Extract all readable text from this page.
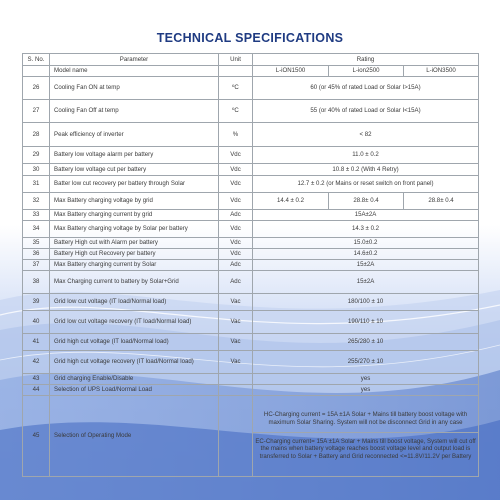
TECHNICAL SPECIFICATIONS
S. No.	Parameter	Unit	Rating		
	Model name		L-iON1500	L-ion2500	L-iON3500
26	Cooling Fan ON at temp	ºC	60 (or 45% of rated Load or Solar I>15A)		
27	Cooling Fan Off at temp	ºC	55 (or 40% of rated Load or Solar I<15A)		
28	Peak efficiency of inverter	%	< 82		
29	Battery low voltage alarm per battery	Vdc	11.0 ± 0.2		
30	Battery low voltage cut per battery	Vdc	10.8 ± 0.2 (With 4 Retry)		
31	Batter low cut recovery per battery through Solar	Vdc	12.7 ± 0.2 (or Mains or reset switch on front panel)		
32	Max Battery charging voltage by grid	Vdc	14.4 ± 0.2	28.8± 0.4	28.8± 0.4
33	Max Battery charging current by grid	Adc	15A±2A		
34	Max Battery charging voltage by Solar per battery	Vdc	14.3 ± 0.2		
35	Battery High cut with Alarm per battery	Vdc	15.0±0.2		
36	Battery High cut Recovery per battery	Vdc	14.6±0.2		
37	Max Battery charging current by Solar	Adc	15±2A		
38	Max Charging current to battery by Solar+Grid	Adc	15±2A		
39	Grid low cut voltage (IT load/Normal load)	Vac	180/100 ± 10		
40	Grid low cut voltage recovery (IT load/Normal load)	Vac	190/110 ± 10		
41	Grid high cut voltage (IT load/Normal load)	Vac	265/280 ± 10		
42	Grid high cut voltage recovery (IT load/Normal load)	Vac	255/270 ± 10		
43	Grid charging Enable/Disable		yes		
44	Selection of UPS Load/Normal Load		yes		
45	Selection of Operating Mode		HC-Charging current = 15A ±1A Solar + Mains till battery boost voltage with maximum Solar Sharing. System will not be disconnect Grid in any case
EC-Charging current= 15A ±1A Solar + Mains till boost voltage, System will cut off the mains when battery voltage reaches boost voltage level and output load is transferred to Solar + Battery and Grid reconnected <=11.8V/11.2V per Battery		
